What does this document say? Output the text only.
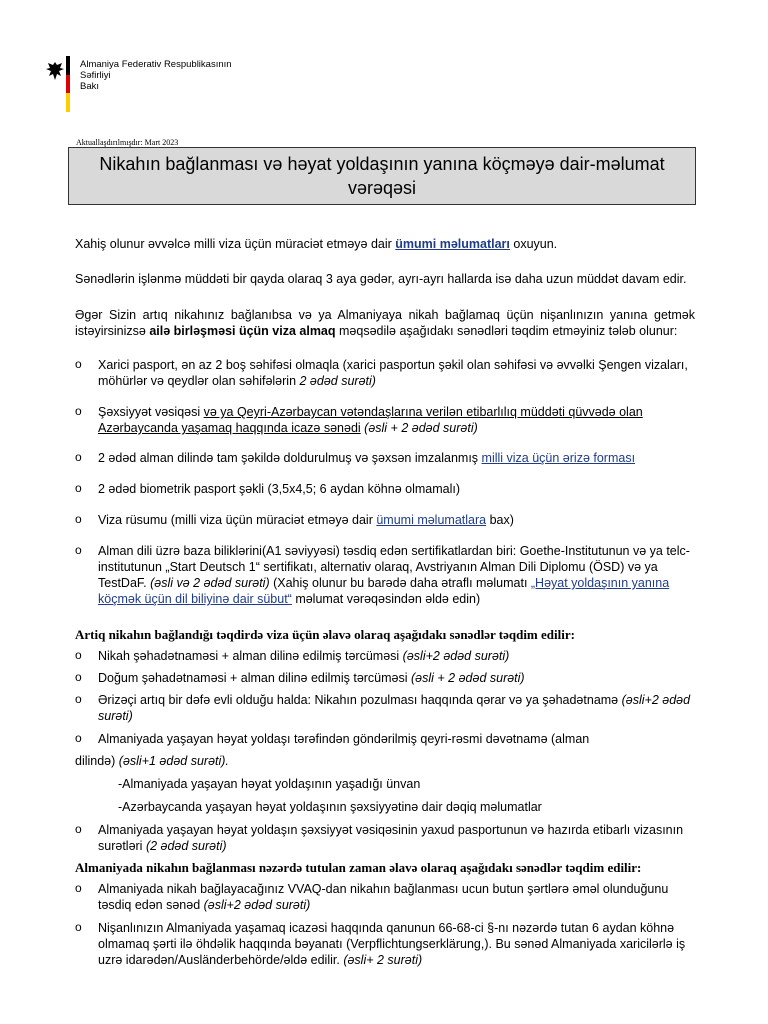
Almaniya Federativ Respublikasının
Səfirliyi
Bakı
Aktuallaşdırılmışdır: Mart 2023
Nikahın bağlanması və həyat yoldaşının yanına köçməyə dair-məlumat
vərəqəsi
Xahiş olunur əvvəlcə milli viza üçün müraciət etməyə dair ümumi məlumatları oxuyun.
Sənədlərin işlənmə müddəti bir qayda olaraq 3 aya gədər, ayrı-ayrı hallarda isə daha uzun müddət davam edir.
Əgər Sizin artıq nikahınız bağlanıbsa və ya Almaniyaya nikah bağlamaq üçün nişanlınızın yanına getmək istəyirsinizsə ailə birləşməsi üçün viza almaq məqsədilə aşağıdakı sənədləri təqdim etməyiniz tələb olunur:
o Xarici pasport, ən az 2 boş səhifəsi olmaqla (xarici pasportun şəkil olan səhifəsi və əvvəlki Şengen vizaları, möhürlər və qeydlər olan səhifələrin 2 ədəd surəti)
o Şəxsiyyət vəsiqəsi və ya Qeyri-Azərbaycan vətəndaşlarına verilən etibarlılıq müddəti qüvvədə olan Azərbaycanda yaşamaq haqqında icazə sənədi (əsli + 2 ədəd surəti)
o 2 ədəd alman dilində tam şəkildə doldurulmuş və şəxsən imzalanmış milli viza üçün ərizə forması
o 2 ədəd biometrik pasport şəkli (3,5x4,5; 6 aydan köhnə olmamalı)
o Viza rüsumu (milli viza üçün müraciət etməyə dair ümumi məlumatlara bax)
o Alman dili üzrə baza biliklərini(A1 səviyyəsi) təsdiq edən sertifikatlardan biri: Goethe-Institutunun və ya telc-institutunun „Start Deutsch 1“ sertifikatı, alternativ olaraq, Avstriyanın Alman Dili Diplomu (ÖSD) və ya TestDaF. (əsli və 2 ədəd surəti) (Xahiş olunur bu barədə daha ətraflı məlumatı „Həyat yoldaşının yanına köçmək üçün dil biliyinə dair sübut“ məlumat vərəqəsindən əldə edin)
Artiq nikahın bağlandığı təqdirdə viza üçün əlavə olaraq aşağıdakı sənədlər təqdim edilir:
o Nikah şəhadətnaməsi + alman dilinə edilmiş tərcüməsi (əsli+2 ədəd surəti)
o Doğum şəhadətnaməsi + alman dilinə edilmiş tərcüməsi (əsli + 2 ədəd surəti)
o Ərizəçi artıq bir dəfə evli olduğu halda: Nikahın pozulması haqqında qərar və ya şəhadətnamə (əsli+2 ədəd surəti)
o Almaniyada yaşayan həyat yoldaşı tərəfindən göndərilmiş qeyri-rəsmi dəvətnamə (alman
dilində) (əsli+1 ədəd surəti).
-Almaniyada yaşayan həyat yoldaşının yaşadığı ünvan
-Azərbaycanda yaşayan həyat yoldaşının şəxsiyyətinə dair dəqiq məlumatlar
o Almaniyada yaşayan həyat yoldaşın şəxsiyyət vəsiqəsinin yaxud pasportunun və hazırda etibarlı vizasının surətləri (2 ədəd surəti)
Almaniyada nikahın bağlanması nəzərdə tutulan zaman əlavə olaraq aşağıdakı sənədlər təqdim edilir:
o Almaniyada nikah bağlayacağınız VVAQ-dan nikahın bağlanması ucun butun şərtlərə əməl olunduğunu təsdiq edən sənəd (əsli+2 ədəd surəti)
o Nişanlınızın Almaniyada yaşamaq icazəsi haqqında qanunun 66-68-ci §-nı nəzərdə tutan 6 aydan köhnə olmamaq şərti ilə öhdəlik haqqında bəyanatı (Verpflichtungserklärung,). Bu sənəd Almaniyada xaricilərlə iş uzrə idarədən/Ausländerbehörde/əldə edilir. (əsli+ 2 surəti)
